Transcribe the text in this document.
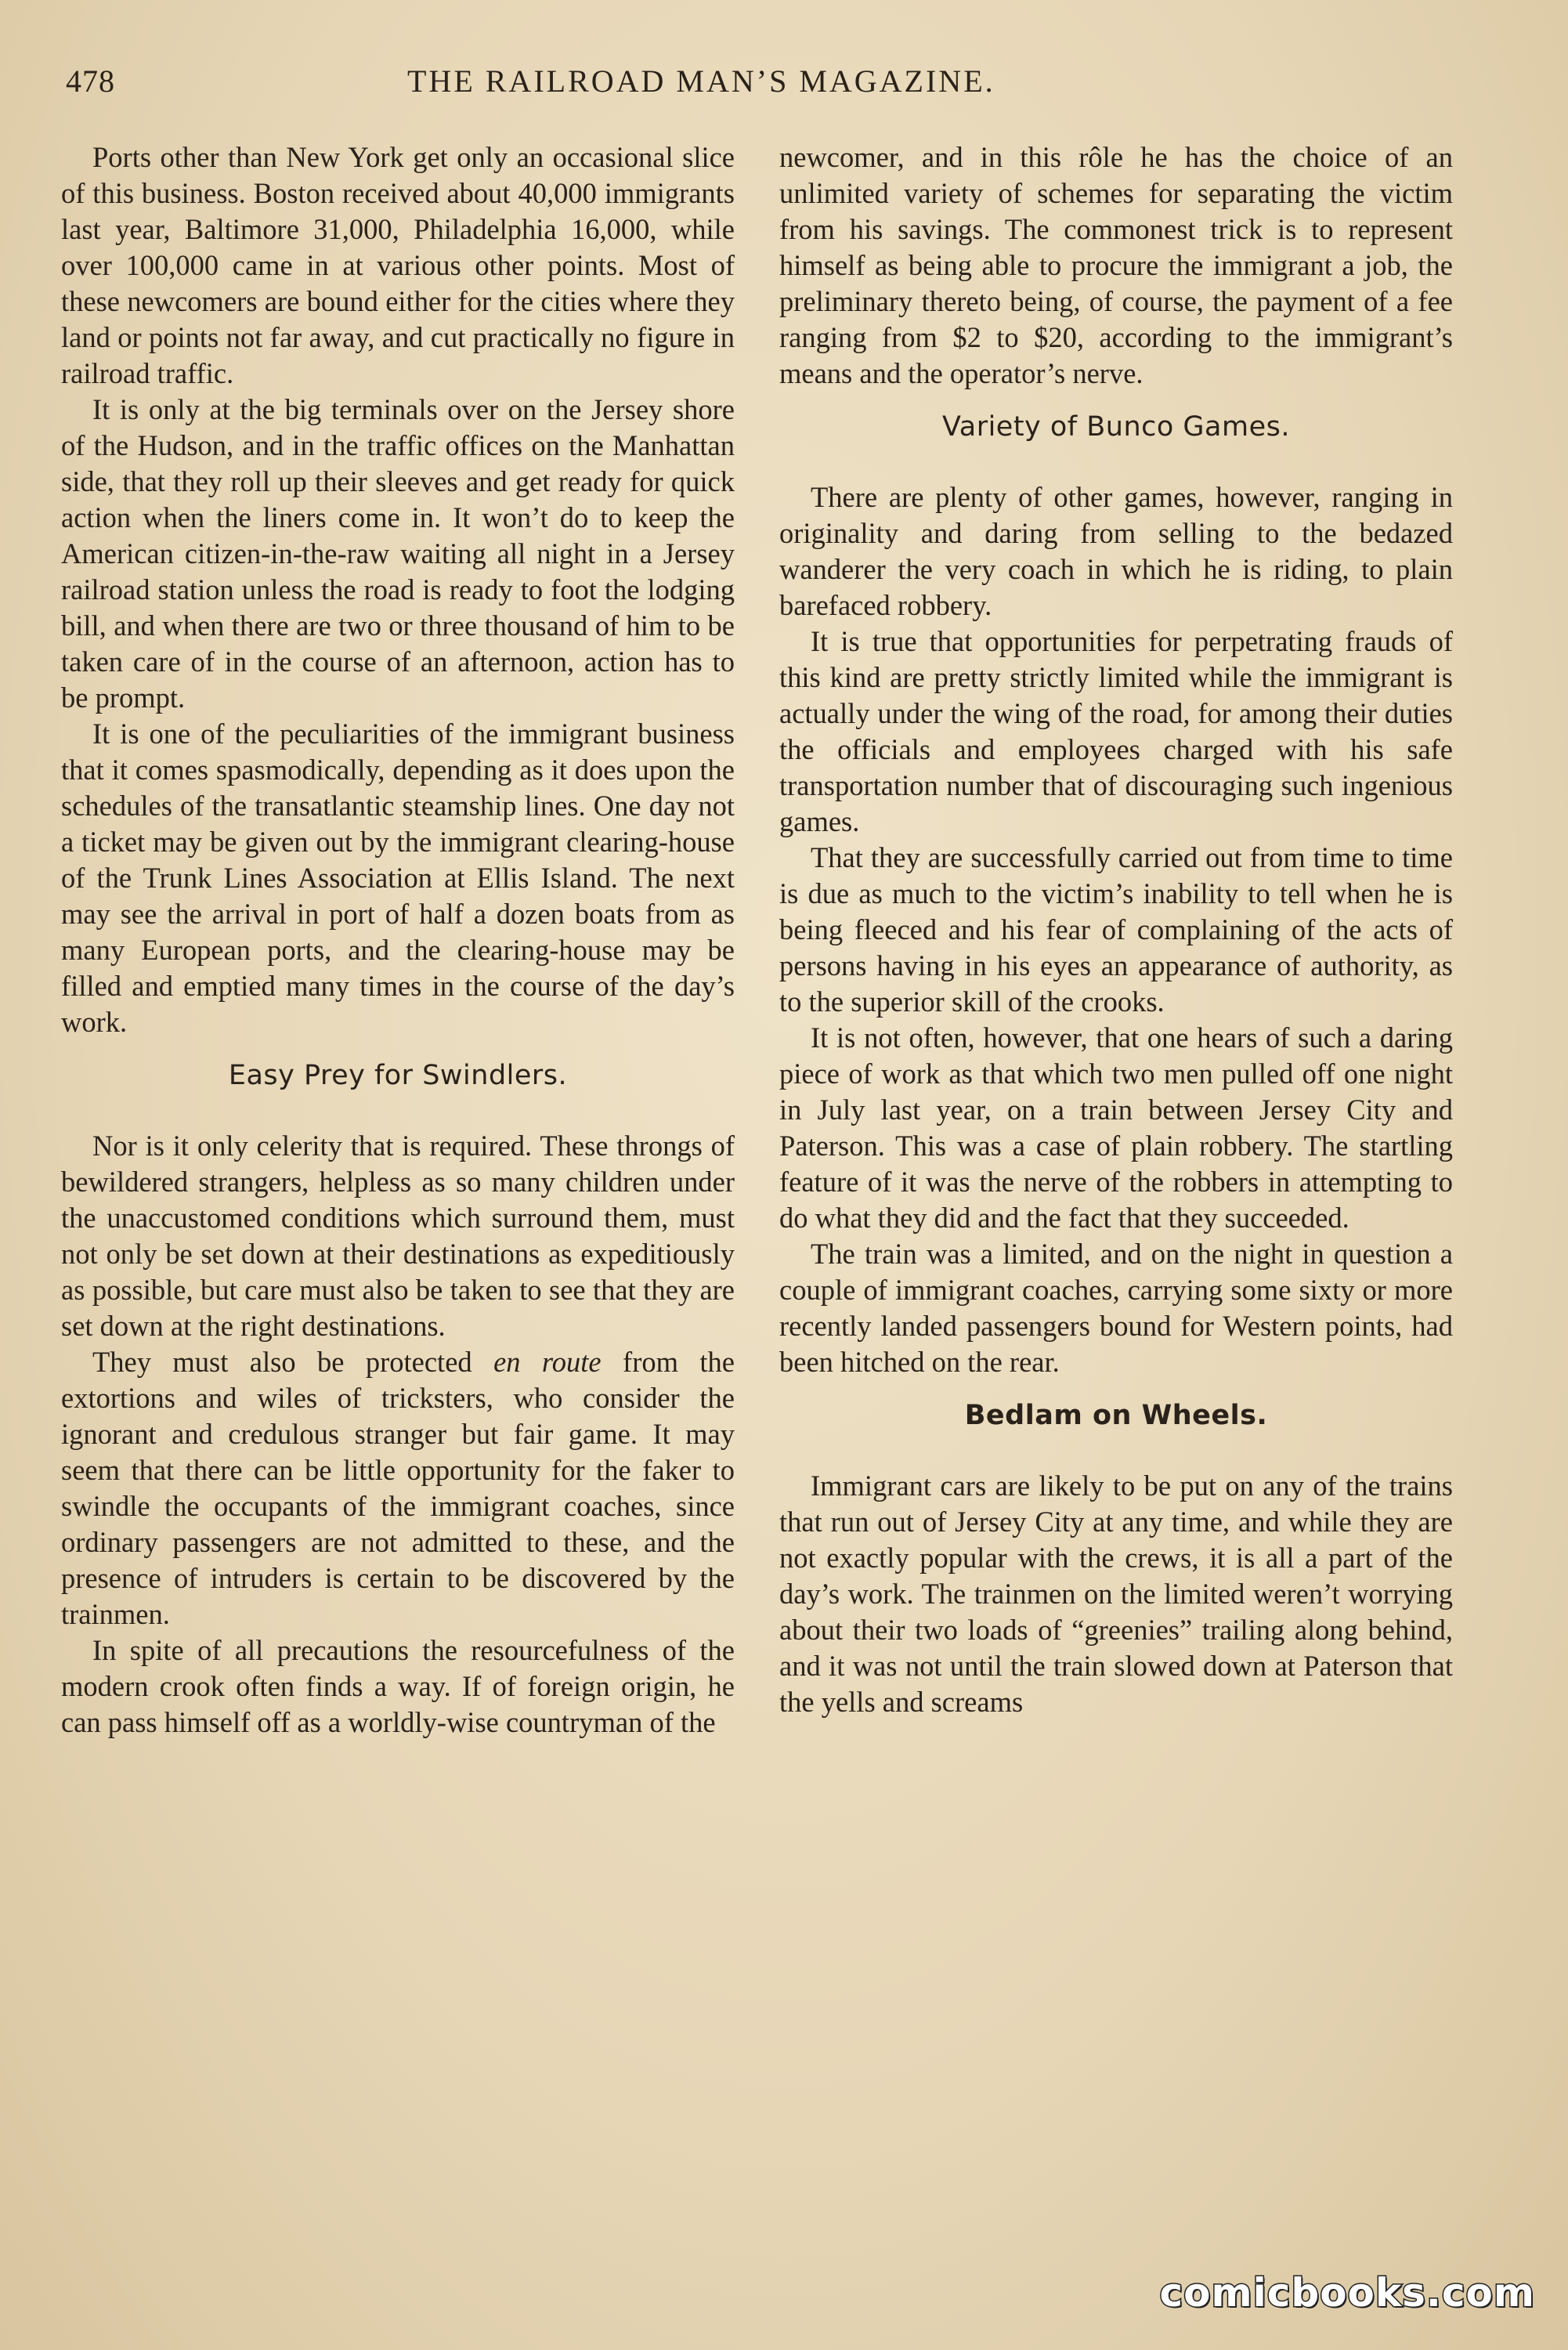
478	THE RAILROAD MAN’S MAGAZINE.

Ports other than New York get only an occasional slice of this business. Boston received about 40,000 immigrants last year, Baltimore 31,000, Philadelphia 16,000, while over 100,000 came in at various other points. Most of these newcomers are bound either for the cities where they land or points not far away, and cut practically no figure in railroad traffic.

It is only at the big terminals over on the Jersey shore of the Hudson, and in the traffic offices on the Manhattan side, that they roll up their sleeves and get ready for quick action when the liners come in. It won’t do to keep the American citizen-in-the-raw waiting all night in a Jersey railroad station unless the road is ready to foot the lodging bill, and when there are two or three thousand of him to be taken care of in the course of an afternoon, action has to be prompt.

It is one of the peculiarities of the immigrant business that it comes spasmodically, depending as it does upon the schedules of the transatlantic steamship lines. One day not a ticket may be given out by the immigrant clearing-house of the Trunk Lines Association at Ellis Island. The next may see the arrival in port of half a dozen boats from as many European ports, and the clearing-house may be filled and emptied many times in the course of the day’s work.

Easy Prey for Swindlers.

Nor is it only celerity that is required. These throngs of bewildered strangers, helpless as so many children under the unaccustomed conditions which surround them, must not only be set down at their destinations as expeditiously as possible, but care must also be taken to see that they are set down at the right destinations.

They must also be protected en route from the extortions and wiles of tricksters, who consider the ignorant and credulous stranger but fair game. It may seem that there can be little opportunity for the faker to swindle the occupants of the immigrant coaches, since ordinary passengers are not admitted to these, and the presence of intruders is certain to be discovered by the trainmen.

In spite of all precautions the resourcefulness of the modern crook often finds a way. If of foreign origin, he can pass himself off as a worldly-wise countryman of the

newcomer, and in this rôle he has the choice of an unlimited variety of schemes for separating the victim from his savings. The commonest trick is to represent himself as being able to procure the immigrant a job, the preliminary thereto being, of course, the payment of a fee ranging from $2 to $20, according to the immigrant’s means and the operator’s nerve.

Variety of Bunco Games.

There are plenty of other games, however, ranging in originality and daring from selling to the bedazed wanderer the very coach in which he is riding, to plain barefaced robbery.

It is true that opportunities for perpetrating frauds of this kind are pretty strictly limited while the immigrant is actually under the wing of the road, for among their duties the officials and employees charged with his safe transportation number that of discouraging such ingenious games.

That they are successfully carried out from time to time is due as much to the victim’s inability to tell when he is being fleeced and his fear of complaining of the acts of persons having in his eyes an appearance of authority, as to the superior skill of the crooks.

It is not often, however, that one hears of such a daring piece of work as that which two men pulled off one night in July last year, on a train between Jersey City and Paterson. This was a case of plain robbery. The startling feature of it was the nerve of the robbers in attempting to do what they did and the fact that they succeeded.

The train was a limited, and on the night in question a couple of immigrant coaches, carrying some sixty or more recently landed passengers bound for Western points, had been hitched on the rear.

Bedlam on Wheels.

Immigrant cars are likely to be put on any of the trains that run out of Jersey City at any time, and while they are not exactly popular with the crews, it is all a part of the day’s work. The trainmen on the limited weren’t worrying about their two loads of “greenies” trailing along behind, and it was not until the train slowed down at Paterson that the yells and screams

comicbooks.com
